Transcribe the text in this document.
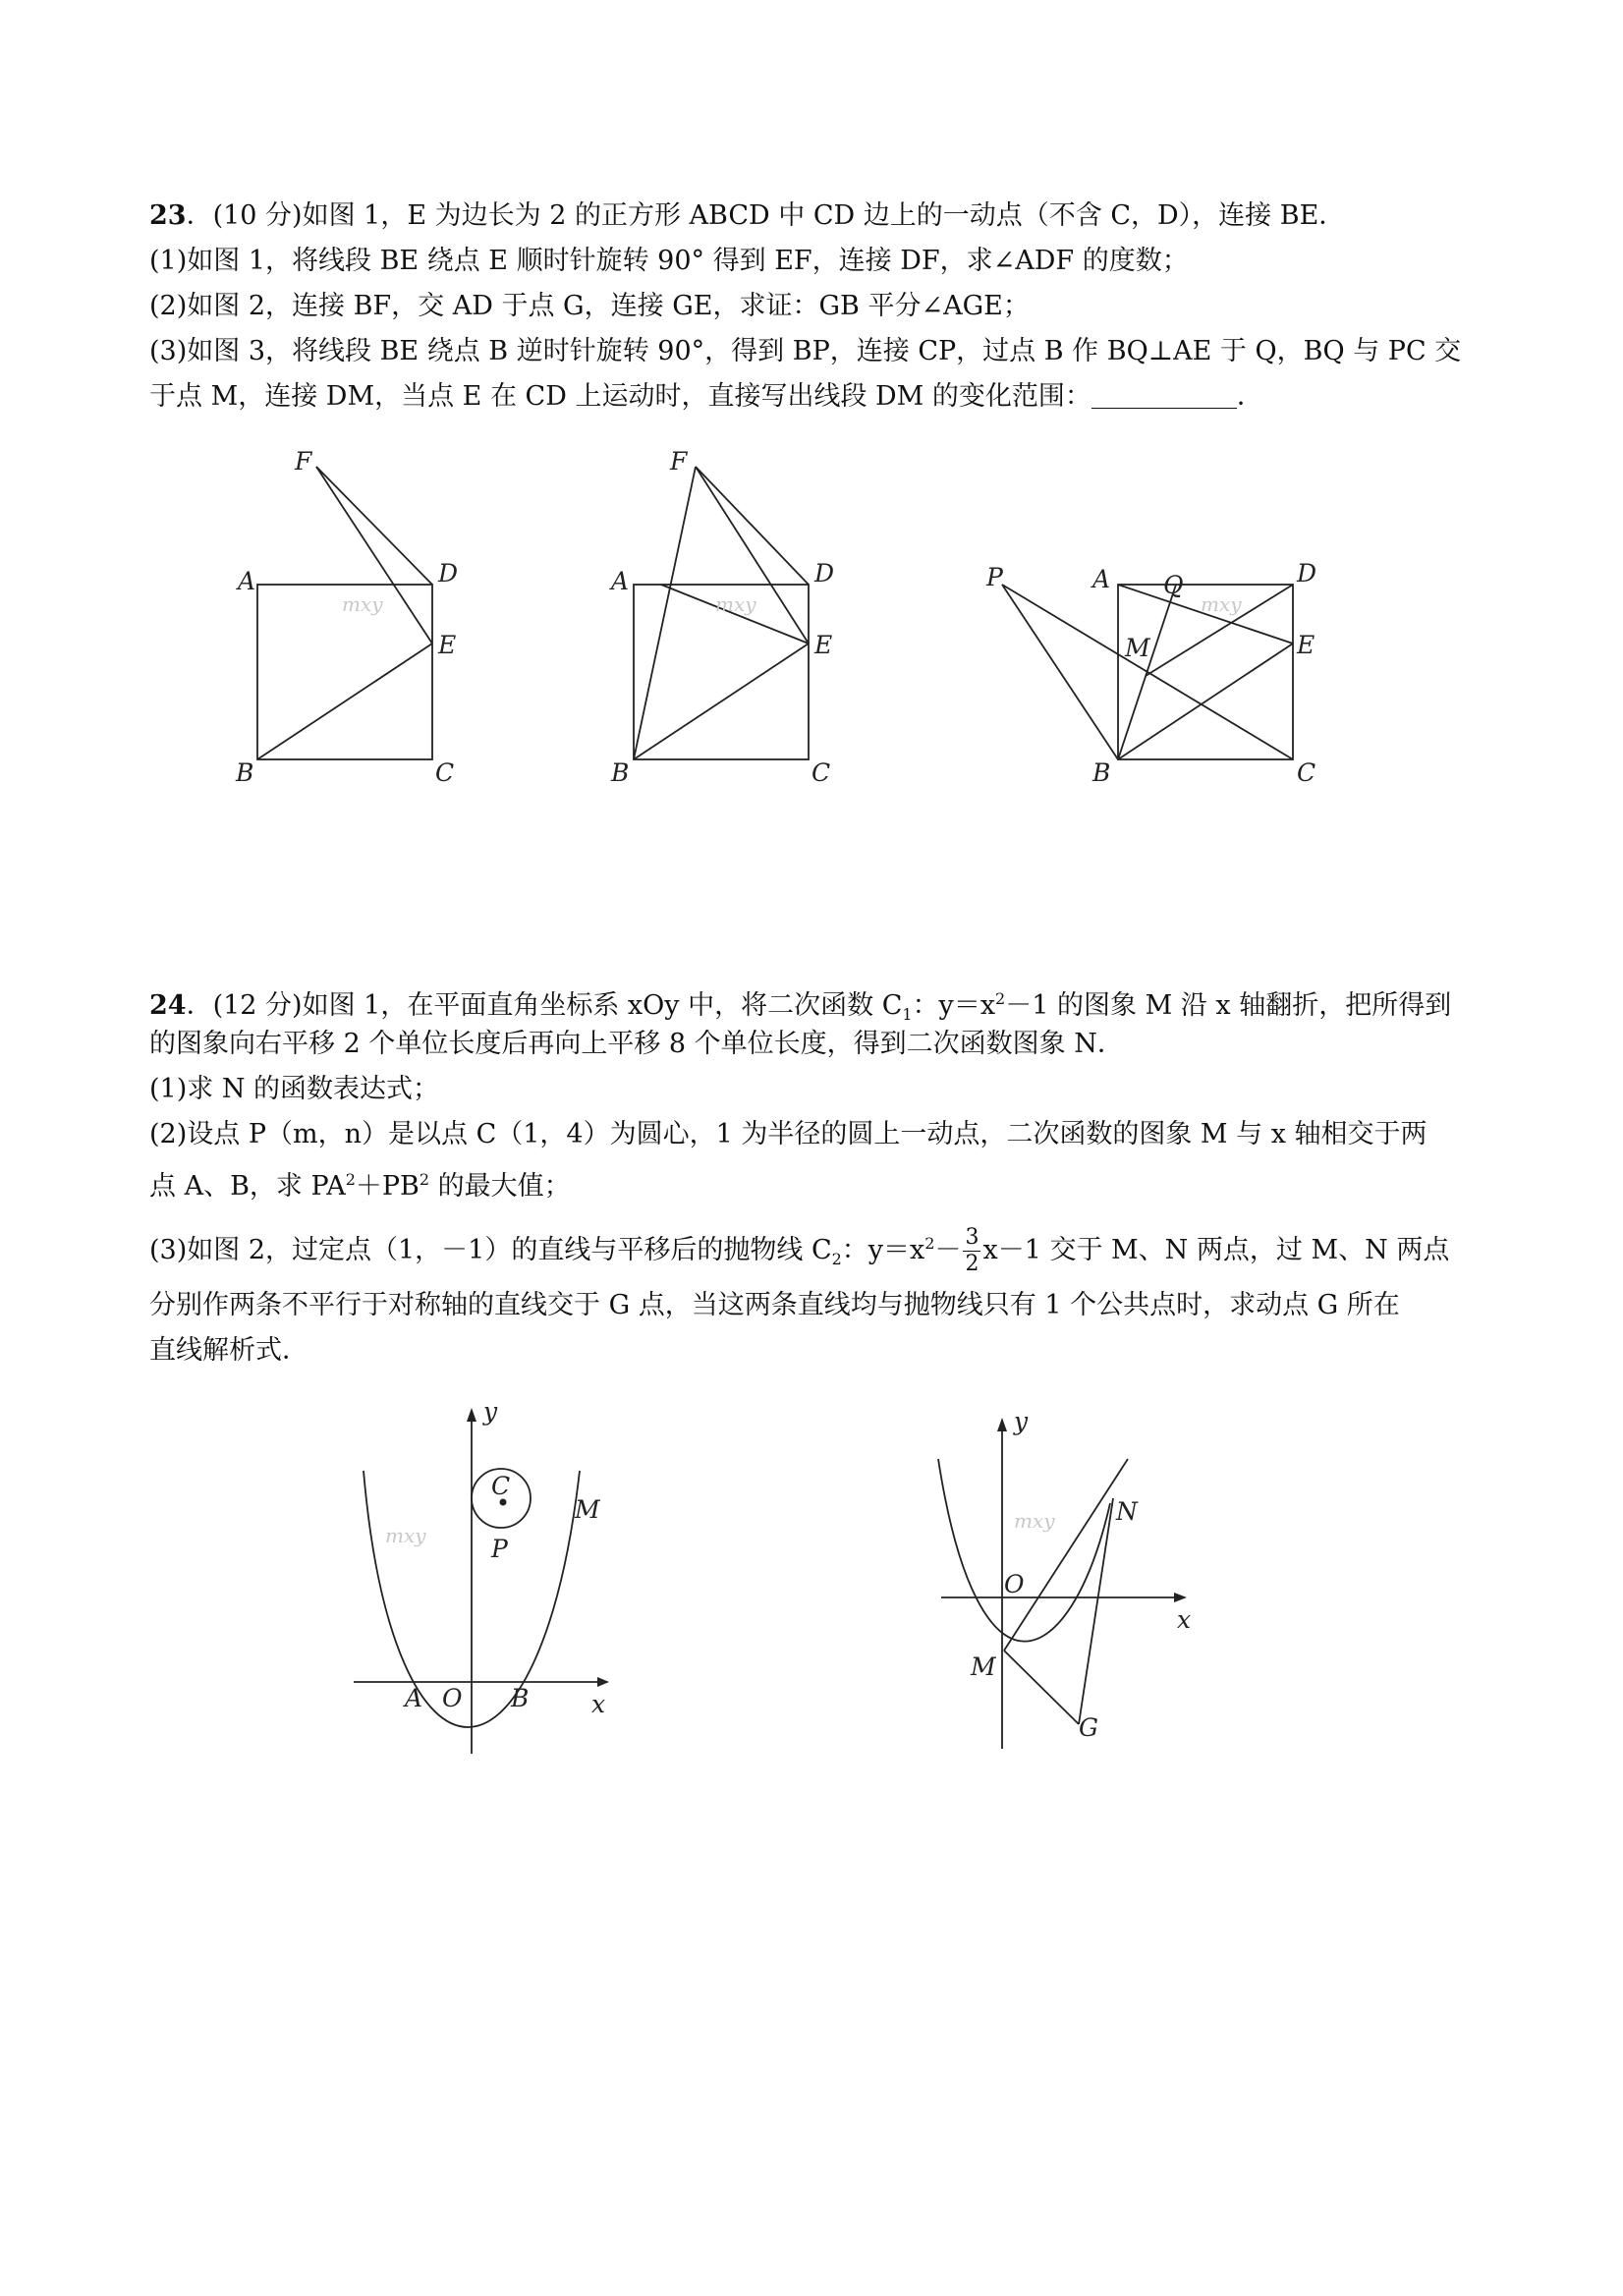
23．(10 分)如图 1，E 为边长为 2 的正方形 ABCD 中 CD 边上的一动点（不含 C，D），连接 BE．
(1)如图 1，将线段 BE 绕点 E 顺时针旋转 90° 得到 EF，连接 DF，求∠ADF 的度数；
(2)如图 2，连接 BF，交 AD 于点 G，连接 GE，求证：GB 平分∠AGE；
(3)如图 3，将线段 BE 绕点 B 逆时针旋转 90°，得到 BP，连接 CP，过点 B 作 BQ⊥AE 于 Q，BQ 与 PC 交
于点 M，连接 DM，当点 E 在 CD 上运动时，直接写出线段 DM 的变化范围：	．
F
A	D
E
B	C
mxy
F
A	D
E
B	C
mxy
P	A Q	D
E
M
B	C
mxy
24．(12 分)如图 1，在平面直角坐标系 xOy 中，将二次函数 $C_1$：$y=x^2-1$ 的图象 M 沿 x 轴翻折，把所得到
的图象向右平移 2 个单位长度后再向上平移 8 个单位长度，得到二次函数图象 N．
(1)求 N 的函数表达式；
(2)设点 P（m，n）是以点 C（1，4）为圆心，1 为半径的圆上一动点，二次函数的图象 M 与 x 轴相交于两
点 A、B，求 $PA^2+PB^2$ 的最大值；
(3)如图 2，过定点（1，－1）的直线与平移后的抛物线 $C_2$：$y=x^2- \frac{3}{2} x-1$ 交于 M、N 两点，过 M、N 两点
分别作两条不平行于对称轴的直线交于 G 点，当这两条直线均与抛物线只有 1 个公共点时，求动点 G 所在
直线解析式．
y
x
C
P
M
A O B
mxy
y
x
O
N
M
G
mxy
